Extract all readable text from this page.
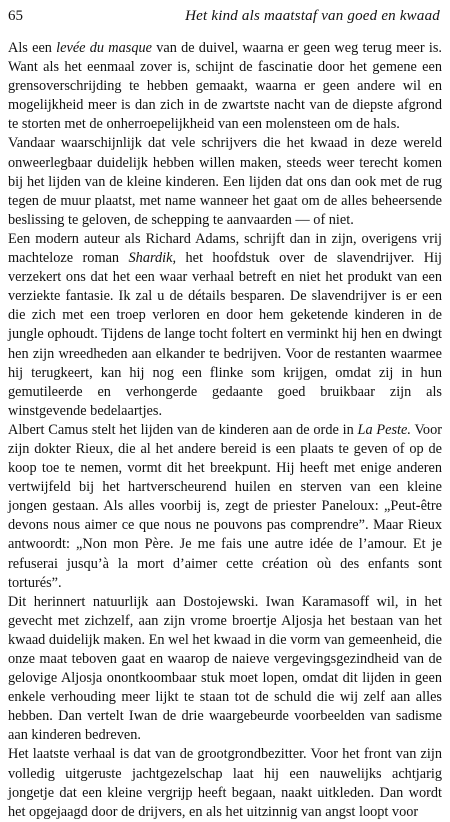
65	Het kind als maatstaf van goed en kwaad

Als een levée du masque van de duivel, waarna er geen weg terug meer is. Want als het eenmaal zover is, schijnt de fascinatie door het gemene een grensoverschrijding te hebben gemaakt, waarna er geen andere wil en mogelijkheid meer is dan zich in de zwartste nacht van de diepste afgrond te storten met de onherroepelijkheid van een molensteen om de hals.

Vandaar waarschijnlijk dat vele schrijvers die het kwaad in deze wereld onweerlegbaar duidelijk hebben willen maken, steeds weer terecht komen bij het lijden van de kleine kinderen. Een lijden dat ons dan ook met de rug tegen de muur plaatst, met name wanneer het gaat om de alles beheersende beslissing te geloven, de schepping te aanvaarden — of niet.

Een modern auteur als Richard Adams, schrijft dan in zijn, overigens vrij machteloze roman Shardik, het hoofdstuk over de slavendrijver. Hij verzekert ons dat het een waar verhaal betreft en niet het produkt van een verziekte fantasie. Ik zal u de détails besparen. De slavendrijver is er een die zich met een troep verloren en door hem geketende kinderen in de jungle ophoudt. Tijdens de lange tocht foltert en verminkt hij hen en dwingt hen zijn wreedheden aan elkander te bedrijven. Voor de restanten waarmee hij terugkeert, kan hij nog een flinke som krijgen, omdat zij in hun gemutileerde en verhongerde gedaante goed bruikbaar zijn als winstgevende bedelaartjes.

Albert Camus stelt het lijden van de kinderen aan de orde in La Peste. Voor zijn dokter Rieux, die al het andere bereid is een plaats te geven of op de koop toe te nemen, vormt dit het breekpunt. Hij heeft met enige anderen vertwijfeld bij het hartverscheurend huilen en sterven van een kleine jongen gestaan. Als alles voorbij is, zegt de priester Paneloux: „Peut-être devons nous aimer ce que nous ne pouvons pas comprendre”. Maar Rieux antwoordt: „Non mon Père. Je me fais une autre idée de l’amour. Et je refuserai jusqu’à la mort d’aimer cette création où des enfants sont torturés”.

Dit herinnert natuurlijk aan Dostojewski. Iwan Karamasoff wil, in het gevecht met zichzelf, aan zijn vrome broertje Aljosja het bestaan van het kwaad duidelijk maken. En wel het kwaad in die vorm van gemeenheid, die onze maat teboven gaat en waarop de naieve vergevingsgezindheid van de gelovige Aljosja onontkoombaar stuk moet lopen, omdat dit lijden in geen enkele verhouding meer lijkt te staan tot de schuld die wij zelf aan alles hebben. Dan vertelt Iwan de drie waargebeurde voorbeelden van sadisme aan kinderen bedreven.

Het laatste verhaal is dat van de grootgrondbezitter. Voor het front van zijn volledig uitgeruste jachtgezelschap laat hij een nauwelijks achtjarig jongetje dat een kleine vergrijp heeft begaan, naakt uitkleden. Dan wordt het opgejaagd door de drijvers, en als het uitzinnig van angst loopt voor
